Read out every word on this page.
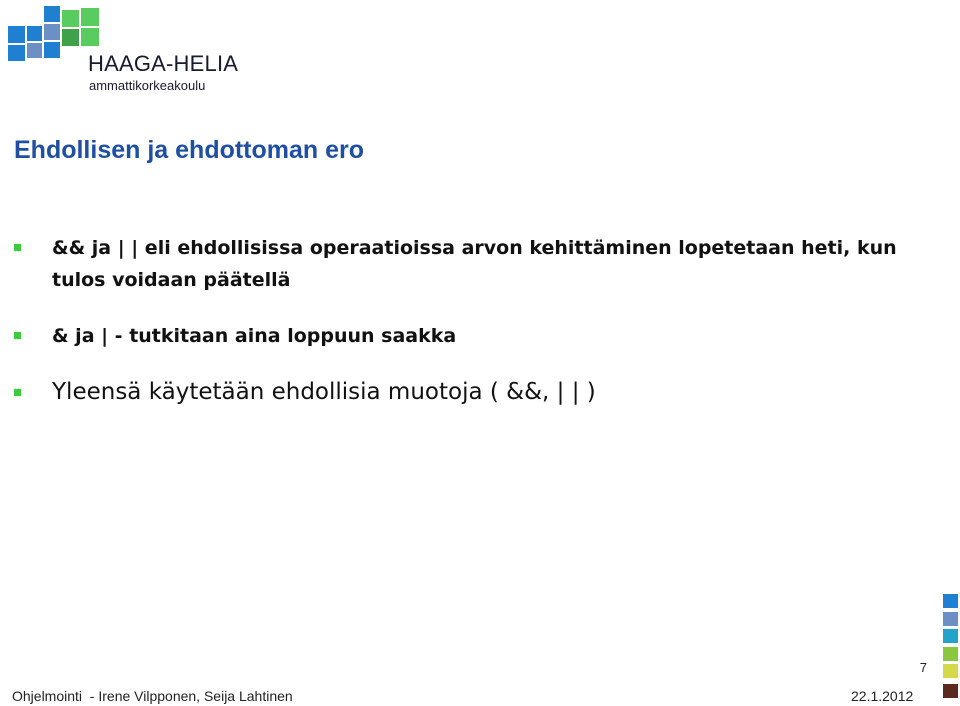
HAAGA-HELIA
ammattikorkeakoulu
Ehdollisen ja ehdottoman ero
&& ja | | eli ehdollisissa operaatioissa arvon kehittäminen lopetetaan heti, kun tulos voidaan päätellä
& ja | - tutkitaan aina loppuun saakka
Yleensä käytetään ehdollisia muotoja ( &&, | | )
7
Ohjelmointi  - Irene Vilpponen, Seija Lahtinen	22.1.2012
